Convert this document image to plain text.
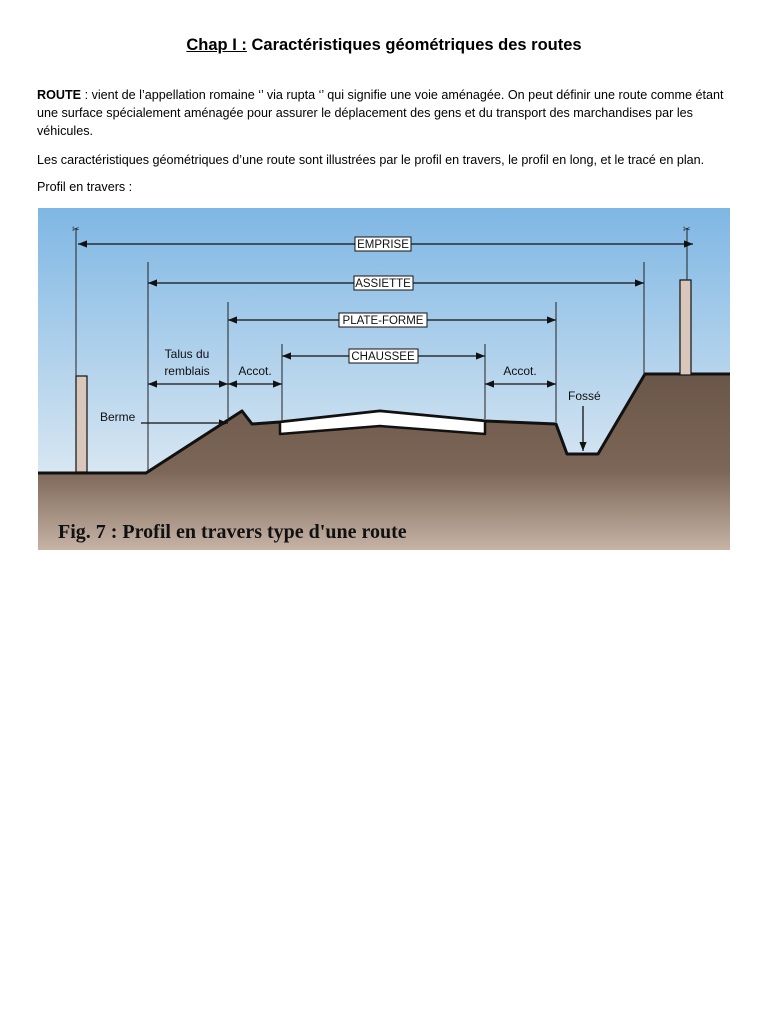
Chap I : Caractéristiques géométriques des routes

ROUTE : vient de l’appellation romaine ‘’ via rupta ‘’ qui signifie une voie aménagée. On peut définir une route comme étant une surface spécialement aménagée pour assurer le déplacement des gens et du transport des marchandises par les véhicules.

Les caractéristiques géométriques d’une route sont illustrées par le profil en travers, le profil en long, et le tracé en plan.

Profil en travers :

✂	✂
EMPRISE
ASSIETTE
PLATE-FORME
CHAUSSEE
Talus du
remblais Accot.	Accot.
Berme
Fossé
Fig. 7 : Profil en travers type d'une route
